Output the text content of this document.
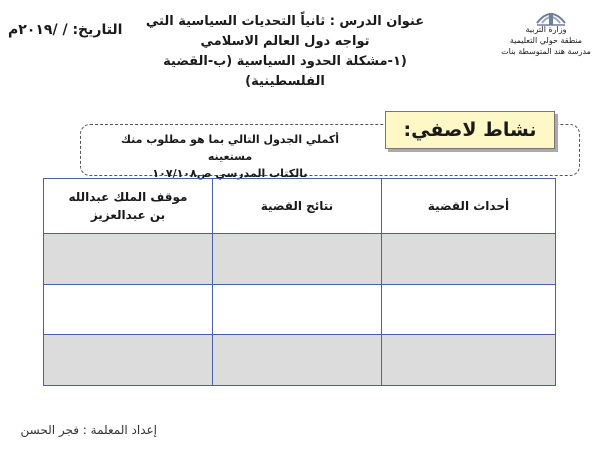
وزارة التربية
منطقة حولي التعليمية
مدرسة هند المتوسطة بنات
عنوان الدرس : ثانياً التحديات السياسية التي
تواجه دول العالم الاسلامي
(١-مشكلة الحدود السياسية (ب-القضية الفلسطينية)
التاريخ: / /٢٠١٩م
نشاط لاصفي:
أكملي الجدول التالي بما هو مطلوب منك مستعينه
بالكتاب المدرسي ص١٠٧/١٠٨
أحداث القضية	نتائج القضية	موقف الملك عبدالله بن عبدالعزيز

إعداد المعلمة : فجر الحسن
